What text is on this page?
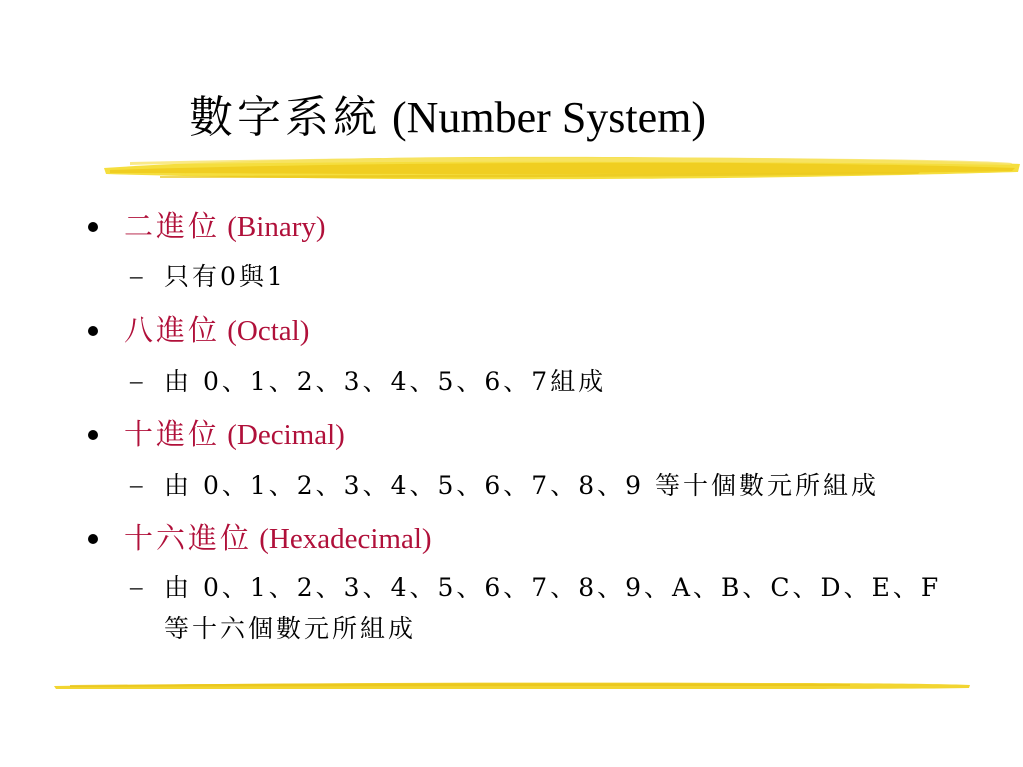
數字系統 (Number System)
二進位 (Binary)
– 只有0與1
八進位 (Octal)
– 由 0、1、2、3、4、5、6、7組成
十進位 (Decimal)
– 由 0、1、2、3、4、5、6、7、8、9 等十個數元所組成
十六進位 (Hexadecimal)
– 由 0、1、2、3、4、5、6、7、8、9、A、B、C、D、E、F
等十六個數元所組成
